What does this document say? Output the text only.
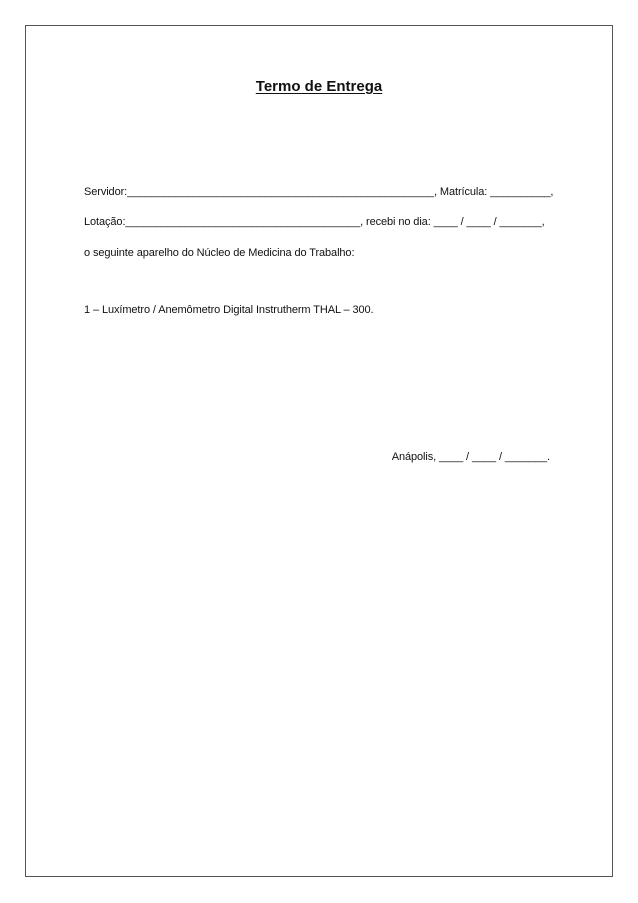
Termo de Entrega
Servidor:___________________________________________________, Matrícula: __________,
Lotação:_______________________________________, recebi no dia: ____ / ____ / _______,
o seguinte aparelho do Núcleo de Medicina do Trabalho:
1 – Luxímetro / Anemômetro Digital Instrutherm THAL – 300.
Anápolis, ____ / ____ / _______.
